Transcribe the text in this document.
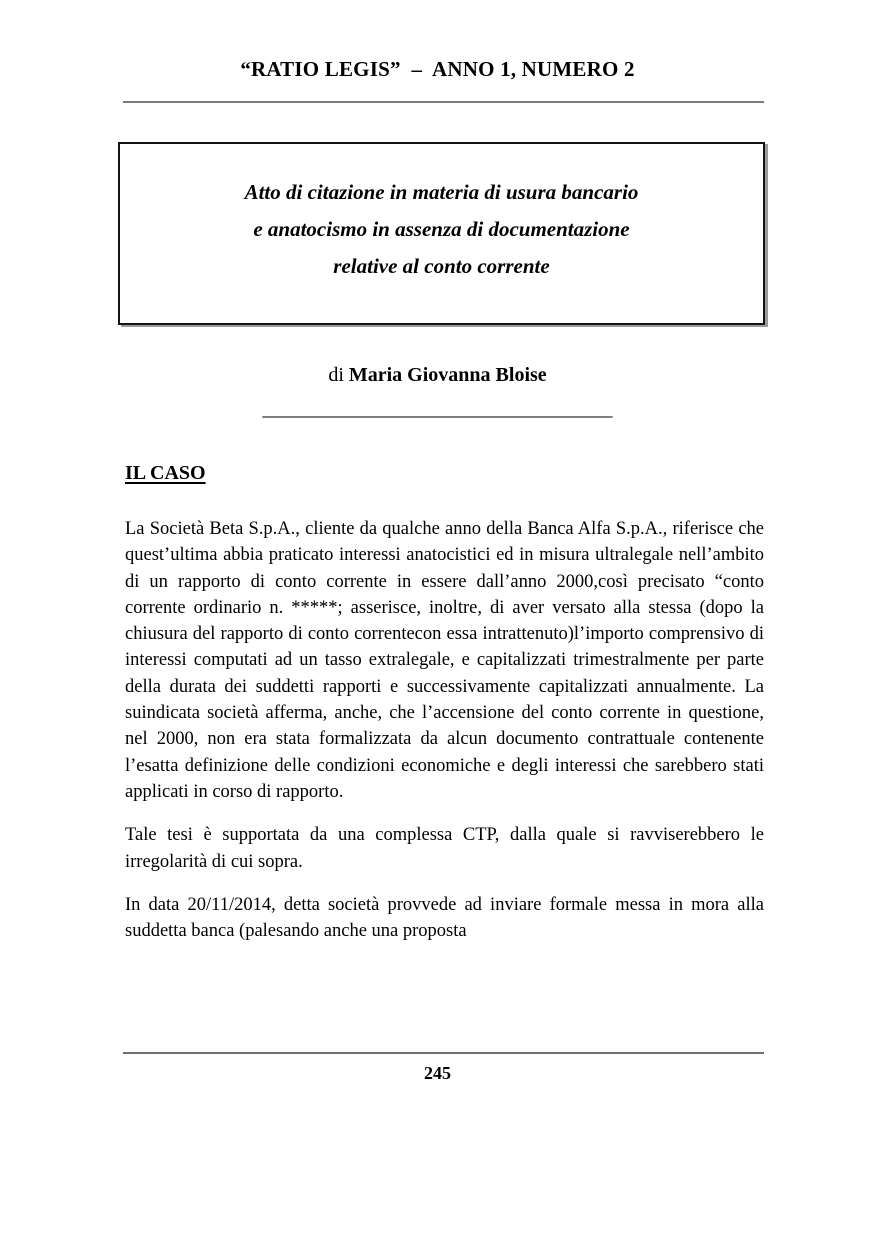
“RATIO LEGIS”  –  ANNO 1, NUMERO 2
Atto di citazione in materia di usura bancario
e anatocismo in assenza di documentazione
relative al conto corrente
di Maria Giovanna Bloise
___________________________________
IL CASO

La Società Beta S.p.A., cliente da qualche anno della Banca Alfa S.p.A., riferisce che quest’ultima abbia praticato interessi anatocistici ed in misura ultralegale nell’ambito di un rapporto di conto corrente in essere dall’anno 2000,così precisato “conto corrente ordinario n. *****; asserisce, inoltre, di aver versato alla stessa (dopo la chiusura del rapporto di conto correntecon essa intrattenuto)l’importo comprensivo di interessi computati ad un tasso extralegale, e capitalizzati trimestralmente per parte della durata dei suddetti rapporti e successivamente capitalizzati annualmente. La suindicata società afferma, anche, che l’accensione del conto corrente in questione, nel 2000, non era stata formalizzata da alcun documento contrattuale contenente l’esatta definizione delle condizioni economiche e degli interessi che sarebbero stati applicati in corso di rapporto.

Tale tesi è supportata da una complessa CTP, dalla quale si ravviserebbero le irregolarità di cui sopra.

In data 20/11/2014, detta società provvede ad inviare formale messa in mora alla suddetta banca (palesando anche una proposta

245
